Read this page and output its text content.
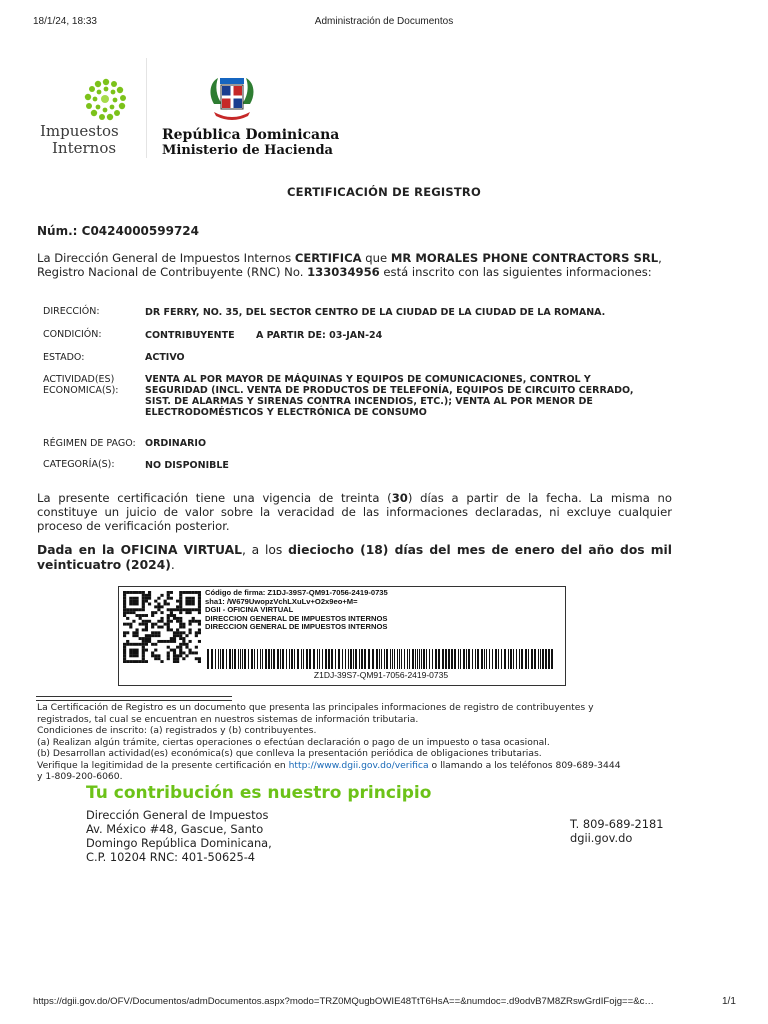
18/1/24, 18:33	Administración de Documentos
Impuestos
Internos
República Dominicana
Ministerio de Hacienda
CERTIFICACIÓN DE REGISTRO
Núm.: C0424000599724
La Dirección General de Impuestos Internos CERTIFICA que MR MORALES PHONE CONTRACTORS SRL,
Registro Nacional de Contribuyente (RNC) No. 133034956 está inscrito con las siguientes informaciones:
DIRECCIÓN:	DR FERRY, NO. 35, DEL SECTOR CENTRO DE LA CIUDAD DE LA CIUDAD DE LA ROMANA.
CONDICIÓN:	CONTRIBUYENTE A PARTIR DE: 03-JAN-24
ESTADO:	ACTIVO
ACTIVIDAD(ES)
ECONOMICA(S):
VENTA AL POR MAYOR DE MÁQUINAS Y EQUIPOS DE COMUNICACIONES, CONTROL Y
SEGURIDAD (INCL. VENTA DE PRODUCTOS DE TELEFONÍA, EQUIPOS DE CIRCUITO CERRADO,
SIST. DE ALARMAS Y SIRENAS CONTRA INCENDIOS, ETC.); VENTA AL POR MENOR DE
ELECTRODOMÉSTICOS Y ELECTRÓNICA DE CONSUMO
RÉGIMEN DE PAGO: ORDINARIO
CATEGORÍA(S):	NO DISPONIBLE
La presente certificación tiene una vigencia de treinta (30) días a partir de la fecha. La misma no
constituye un juicio de valor sobre la veracidad de las informaciones declaradas, ni excluye cualquier
proceso de verificación posterior.
Dada en la OFICINA VIRTUAL, a los dieciocho (18) días del mes de enero del año dos mil
veinticuatro (2024).
Código de firma: Z1DJ-39S7-QM91-7056-2419-0735
sha1: /W679UwopzVchLXuLv+O2x9eo+M=
DGII - OFICINA VIRTUAL
DIRECCION GENERAL DE IMPUESTOS INTERNOS
DIRECCION GENERAL DE IMPUESTOS INTERNOS
Z1DJ-39S7-QM91-7056-2419-0735
La Certificación de Registro es un documento que presenta las principales informaciones de registro de contribuyentes y
registrados, tal cual se encuentran en nuestros sistemas de información tributaria.
Condiciones de inscrito: (a) registrados y (b) contribuyentes.
(a) Realizan algún trámite, ciertas operaciones o efectúan declaración o pago de un impuesto o tasa ocasional.
(b) Desarrollan actividad(es) económica(s) que conlleva la presentación periódica de obligaciones tributarias.
Verifique la legitimidad de la presente certificación en http://www.dgii.gov.do/verifica o llamando a los teléfonos 809-689-3444
y 1-809-200-6060.
Tu contribución es nuestro principio
Dirección General de Impuestos
Av. México #48, Gascue, Santo
Domingo República Dominicana,
C.P. 10204 RNC: 401-50625-4
T. 809-689-2181
dgii.gov.do
https://dgii.gov.do/OFV/Documentos/admDocumentos.aspx?modo=TRZ0MQugbOWIE48TtT6HsA==&numdoc=.d9odvB7M8ZRswGrdIFojg==&c…	1/1
